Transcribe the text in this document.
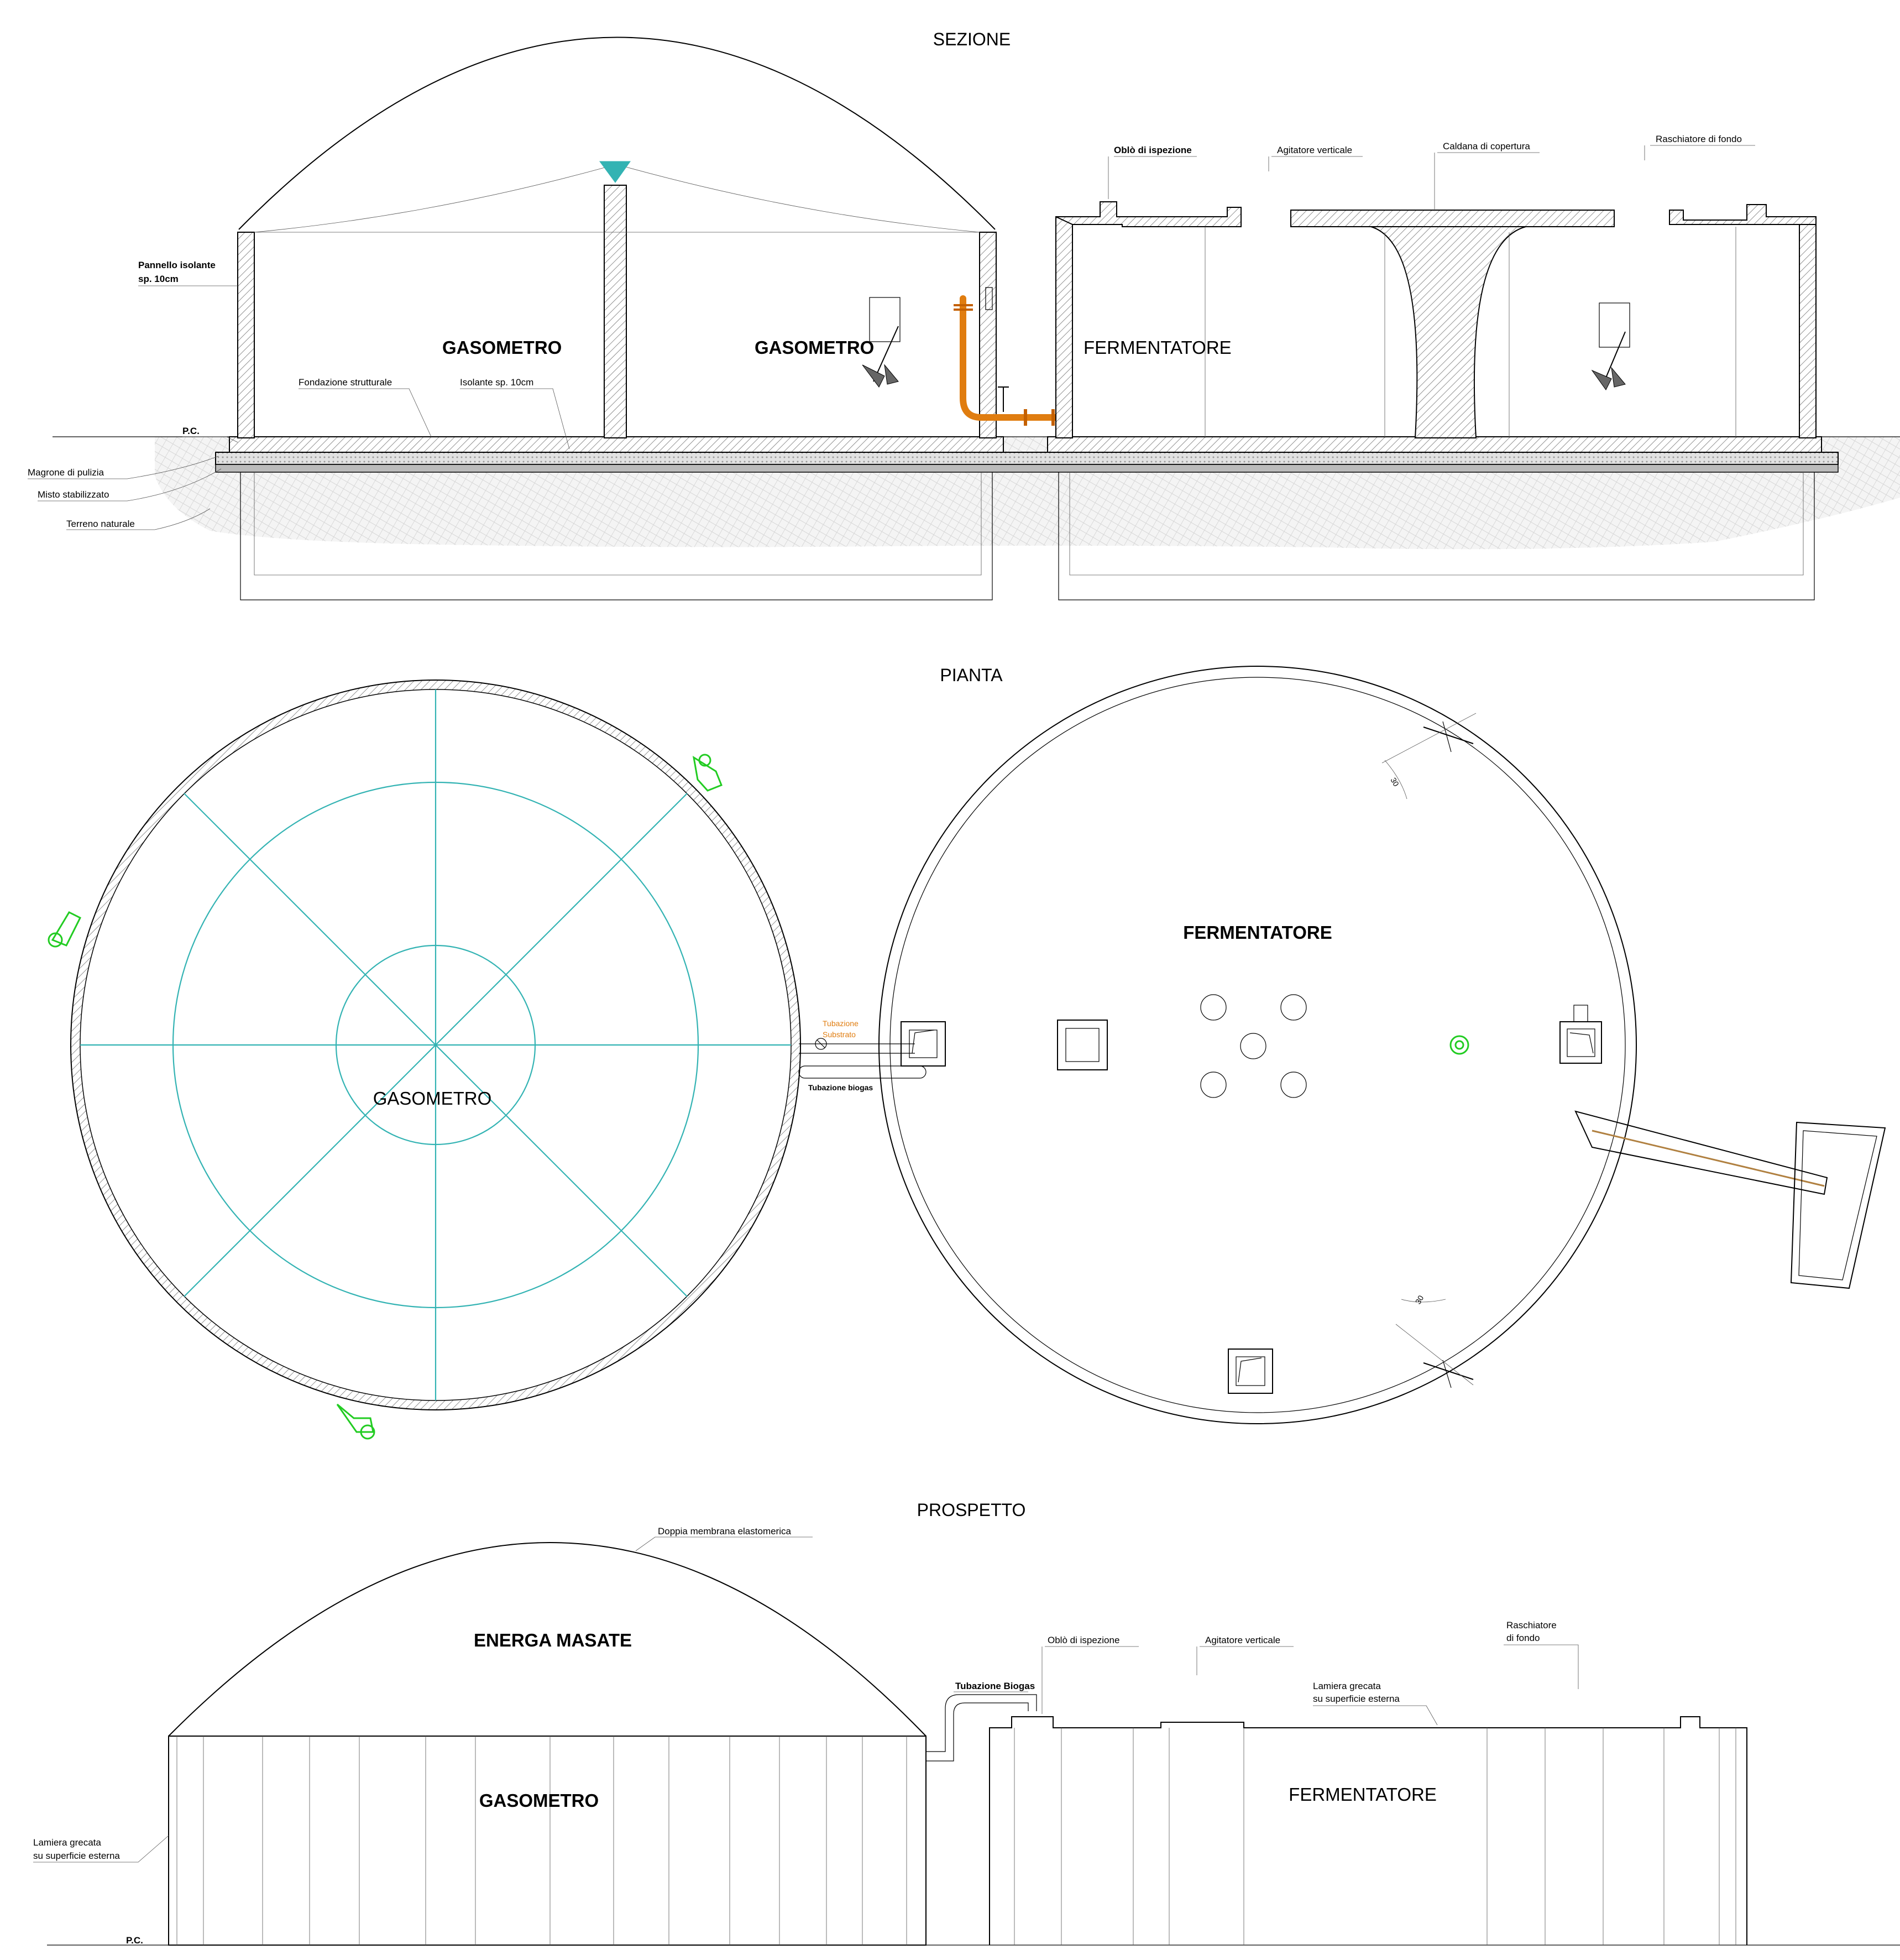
SEZIONE
GASOMETRO	GASOMETRO	FERMENTATORE
Pannello isolante
sp. 10cm
Fondazione strutturale	Isolante sp. 10cm
P.C.
Magrone di pulizia
Misto stabilizzato
Terreno naturale
Oblò di ispezione	Agitatore verticale	Caldana di copertura
Raschiatore di fondo
PIANTA
GASOMETRO
Tubazione
Substrato
Tubazione biogas
FERMENTATORE
30
30
PROSPETTO
Doppia membrana elastomerica
ENERGA MASATE
GASOMETRO
Tubazione Biogas
FERMENTATORE
Oblò di ispezione	Agitatore verticale
Raschiatore
di fondo
Lamiera grecata
su superficie esterna
Lamiera grecata
su superficie esterna
P.C.
